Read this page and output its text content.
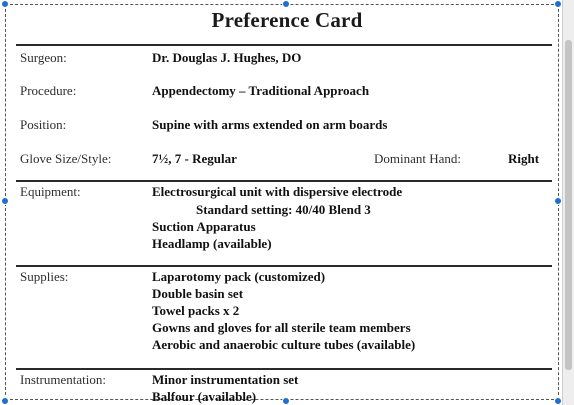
Preference Card
Surgeon:	Dr. Douglas J. Hughes, DO
Procedure:	Appendectomy – Traditional Approach
Position:	Supine with arms extended on arm boards
Glove Size/Style:	7½, 7 - Regular	Dominant Hand:	Right
Equipment:	Electrosurgical unit with dispersive electrode
Standard setting: 40/40 Blend 3
Suction Apparatus
Headlamp (available)
Supplies:	Laparotomy pack (customized)
Double basin set
Towel packs x 2
Gowns and gloves for all sterile team members
Aerobic and anaerobic culture tubes (available)
Instrumentation:	Minor instrumentation set
Balfour (available)
